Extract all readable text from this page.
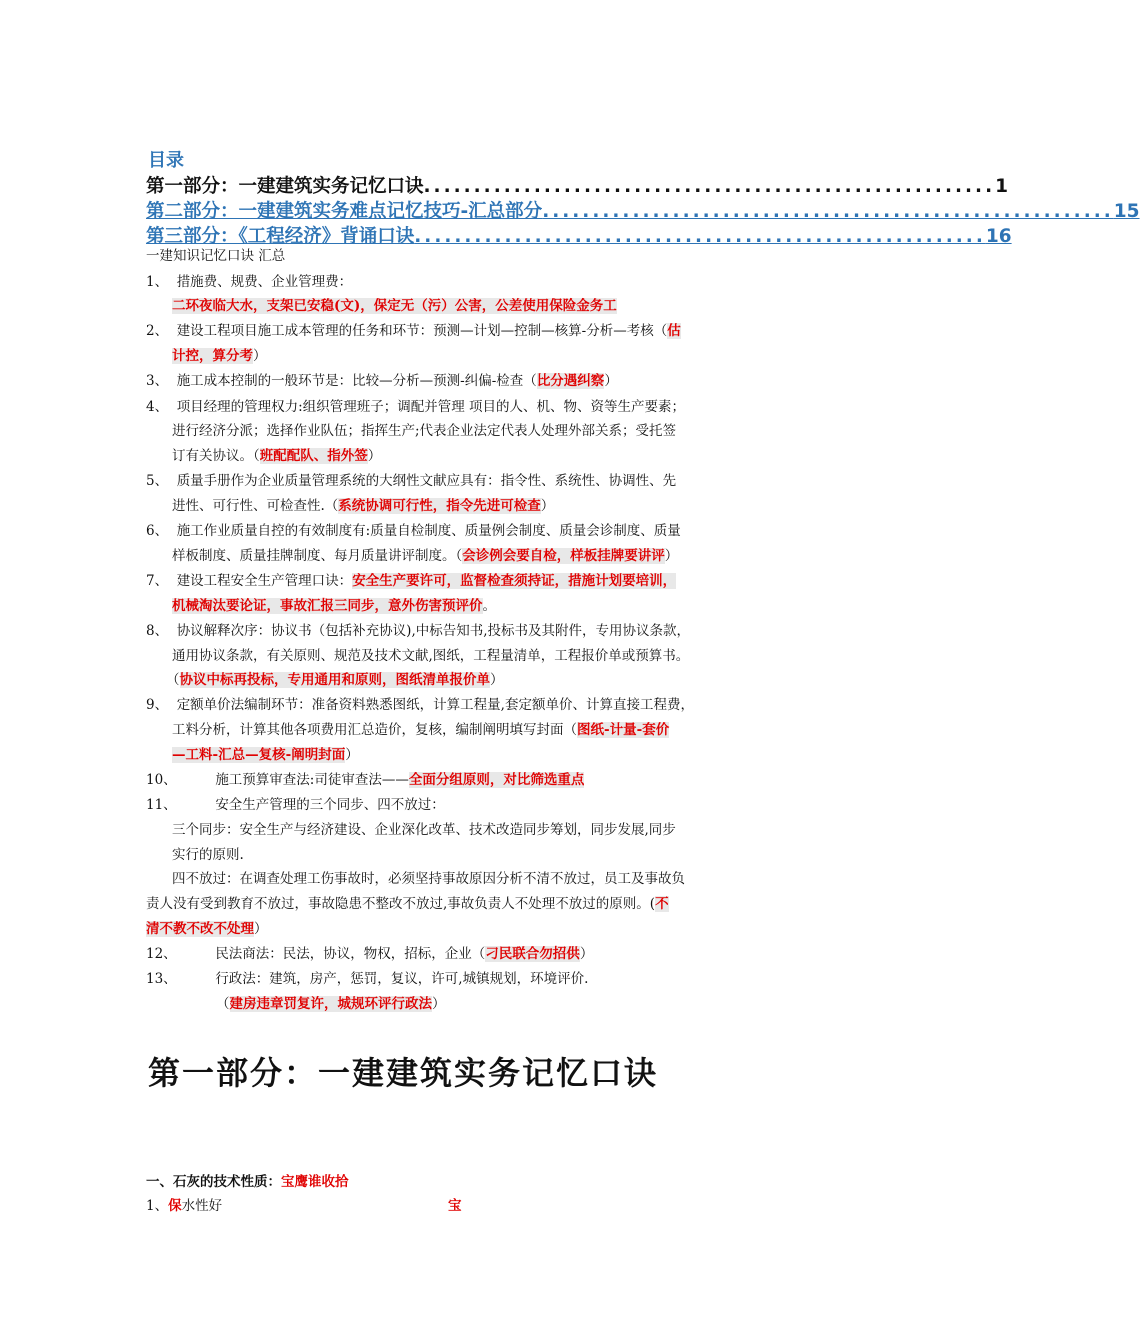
目录
第一部分：一建建筑实务记忆口诀 ......................................................... 1
第二部分：一建建筑实务难点记忆技巧-汇总部分 ......................................................... 15
第三部分：《工程经济》背诵口诀 ......................................................... 16
一建知识记忆口诀 汇总
1、 措施费、规费、企业管理费：
二环夜临大水，支架已安稳(文)，保定无（污）公害，公差使用保险金务工
2、 建设工程项目施工成本管理的任务和环节：预测—计划—控制—核算-分析—考核（估
计控，算分考）
3、 施工成本控制的一般环节是：比较—分析—预测-纠偏-检查（比分遇纠察）
4、 项目经理的管理权力:组织管理班子；调配并管理 项目的人、机、物、资等生产要素；
进行经济分派；选择作业队伍；指挥生产;代表企业法定代表人处理外部关系；受托签
订有关协议。（班配配队、指外签）
5、 质量手册作为企业质量管理系统的大纲性文献应具有：指令性、系统性、协调性、先
进性、可行性、可检查性.（系统协调可行性，指令先进可检查）
6、 施工作业质量自控的有效制度有:质量自检制度、质量例会制度、质量会诊制度、质量
样板制度、质量挂牌制度、每月质量讲评制度。（会诊例会要自检，样板挂牌要讲评）
7、 建设工程安全生产管理口诀：安全生产要许可，监督检查须持证，措施计划要培训，
机械淘汰要论证，事故汇报三同步，意外伤害预评价。
8、 协议解释次序：协议书（包括补充协议),中标告知书,投标书及其附件，专用协议条款，
通用协议条款，有关原则、规范及技术文献,图纸，工程量清单，工程报价单或预算书。
（协议中标再投标，专用通用和原则，图纸清单报价单）
9、 定额单价法编制环节：准备资料熟悉图纸，计算工程量,套定额单价、计算直接工程费，
工料分析，计算其他各项费用汇总造价，复核，编制阐明填写封面（图纸-计量-套价
—工料-汇总—复核-阐明封面）
10、	施工预算审查法:司徒审查法——全面分组原则，对比筛选重点
11、	安全生产管理的三个同步、四不放过：
三个同步：安全生产与经济建设、企业深化改革、技术改造同步筹划，同步发展,同步
实行的原则.
四不放过：在调查处理工伤事故时，必须坚持事故原因分析不清不放过，员工及事故负
责人没有受到教育不放过，事故隐患不整改不放过,事故负责人不处理不放过的原则。(不
清不教不改不处理）
12、	民法商法：民法，协议，物权，招标，企业（刁民联合勿招供）
13、	行政法：建筑，房产，惩罚，复议，许可,城镇规划，环境评价.
（建房违章罚复许，城规环评行政法）
第一部分：一建建筑实务记忆口诀
一、石灰的技术性质：宝鹰谁收拾
1、保水性好	宝
